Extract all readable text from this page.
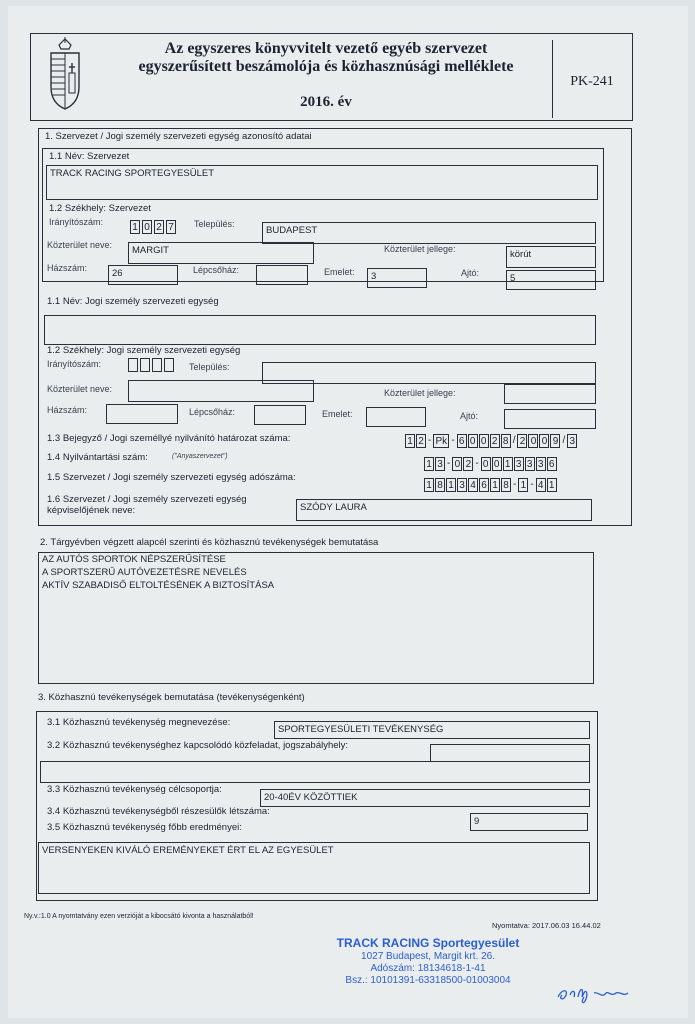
Az egyszeres könyvvitelt vezető egyéb szervezet
egyszerűsített beszámolója és közhasznúsági melléklete
2016. év
PK-241
1. Szervezet / Jogi személy szervezeti egység azonosító adatai
1.1 Név: Szervezet
TRACK RACING SPORTEGYESÜLET
1.2 Székhely: Szervezet
Irányítószám:	1 0 2 7 Település:
BUDAPEST
Közterület neve:	MARGIT	Közterület jellege:	körút
Házszám:	26	Lépcsőház:	Emelet:	3	Ajtó:	5
1.1 Név: Jogi személy szervezeti egység
1.2 Székhely: Jogi személy szervezeti egység
Irányítószám:	Település:
Közterület neve:	Közterület jellege:
Házszám:	Lépcsőház:	Emelet:	Ajtó:
1.3 Bejegyző / Jogi személlyé nyilvánító határozat száma:	1 2 - Pk - 6 0 0 2 8 / 2 0 0 9 / 3
1.4 Nyilvántartási szám:	("Anyaszervezet")
1 3 - 0 2 - 0 0 1 3 3 3 6
1.5 Szervezet / Jogi személy szervezeti egység adószáma:
1 8 1 3 4 6 1 8 - 1 - 4 1
1.6 Szervezet / Jogi személy szervezeti egység
képviselőjének neve:	SZÓDY LAURA
2. Tárgyévben végzett alapcél szerinti és közhasznú tevékenységek bemutatása
AZ AUTÓS SPORTOK NÉPSZERŰSÍTÉSE
A SPORTSZERŰ AUTÓVEZETÉSRE NEVELÉS
AKTÍV SZABADISŐ ELTOLTÉSÉNEK A BIZTOSÍTÁSA
3. Közhasznú tevékenységek bemutatása (tevékenységenként)
3.1 Közhasznú tevékenység megnevezése:
SPORTEGYESÜLETI TEVÉKENYSÉG
3.2 Közhasznú tevékenységhez kapcsolódó közfeladat, jogszabályhely:
3.3 Közhasznú tevékenység célcsoportja:
20-40ÉV KÖZÖTTIEK
3.4 Közhasznú tevékenységből részesülők létszáma:
9
3.5 Közhasznú tevékenység főbb eredményei:
VERSENYEKEN KIVÁLÓ EREMÉNYEKET ÉRT EL AZ EGYESÜLET
Ny.v.:1.0 A nyomtatvány ezen verzióját a kibocsátó kivonta a használatból!
Nyomtatva: 2017.06.03 16.44.02
TRACK RACING Sportegyesület
1027 Budapest, Margit krt. 26.
Adószám: 18134618-1-41
Bsz.: 10101391-63318500-01003004
